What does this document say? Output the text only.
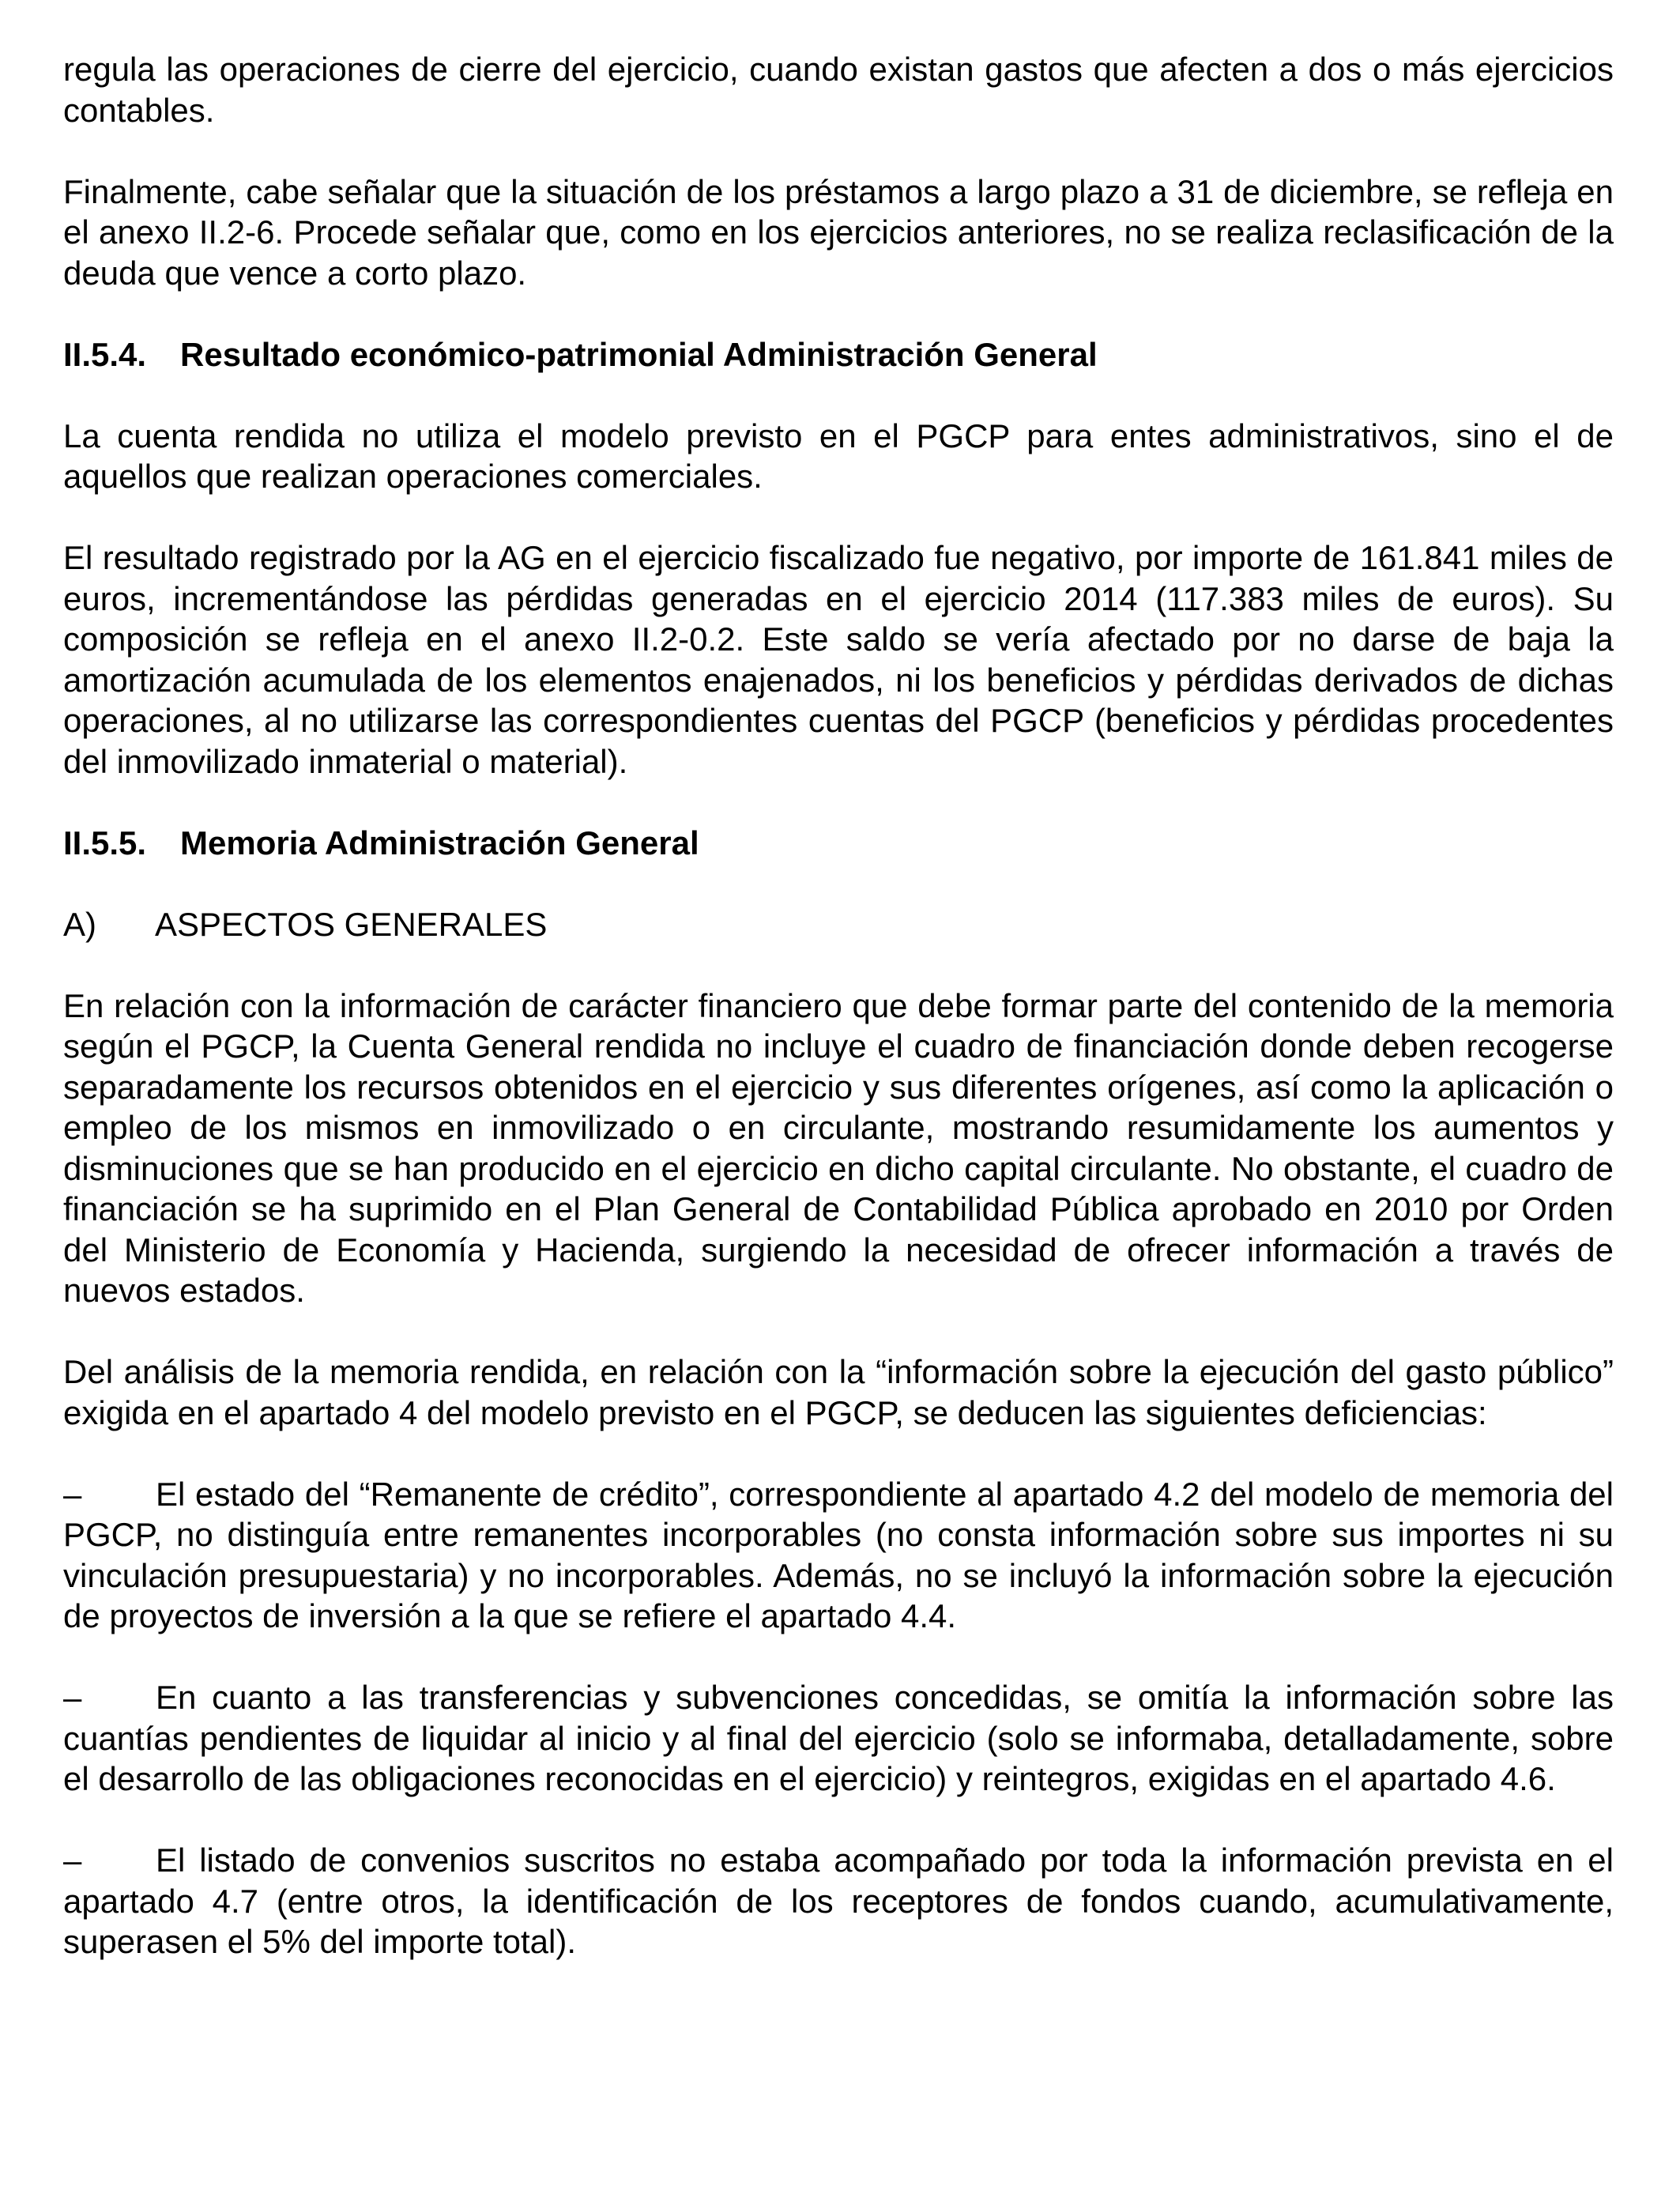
regula las operaciones de cierre del ejercicio, cuando existan gastos que afecten a dos o más ejercicios contables.

Finalmente, cabe señalar que la situación de los préstamos a largo plazo a 31 de diciembre, se refleja en el anexo II.2-6. Procede señalar que, como en los ejercicios anteriores, no se realiza reclasificación de la deuda que vence a corto plazo.

II.5.4. Resultado económico-patrimonial Administración General

La cuenta rendida no utiliza el modelo previsto en el PGCP para entes administrativos, sino el de aquellos que realizan operaciones comerciales.

El resultado registrado por la AG en el ejercicio fiscalizado fue negativo, por importe de 161.841 miles de euros, incrementándose las pérdidas generadas en el ejercicio 2014 (117.383 miles de euros). Su composición se refleja en el anexo II.2-0.2. Este saldo se vería afectado por no darse de baja la amortización acumulada de los elementos enajenados, ni los beneficios y pérdidas derivados de dichas operaciones, al no utilizarse las correspondientes cuentas del PGCP (beneficios y pérdidas procedentes del inmovilizado inmaterial o material).

II.5.5. Memoria Administración General

A) ASPECTOS GENERALES

En relación con la información de carácter financiero que debe formar parte del contenido de la memoria según el PGCP, la Cuenta General rendida no incluye el cuadro de financiación donde deben recogerse separadamente los recursos obtenidos en el ejercicio y sus diferentes orígenes, así como la aplicación o empleo de los mismos en inmovilizado o en circulante, mostrando resumidamente los aumentos y disminuciones que se han producido en el ejercicio en dicho capital circulante. No obstante, el cuadro de financiación se ha suprimido en el Plan General de Contabilidad Pública aprobado en 2010 por Orden del Ministerio de Economía y Hacienda, surgiendo la necesidad de ofrecer información a través de nuevos estados.

Del análisis de la memoria rendida, en relación con la “información sobre la ejecución del gasto público” exigida en el apartado 4 del modelo previsto en el PGCP, se deducen las siguientes deficiencias:

– El estado del “Remanente de crédito”, correspondiente al apartado 4.2 del modelo de memoria del PGCP, no distinguía entre remanentes incorporables (no consta información sobre sus importes ni su vinculación presupuestaria) y no incorporables. Además, no se incluyó la información sobre la ejecución de proyectos de inversión a la que se refiere el apartado 4.4.

– En cuanto a las transferencias y subvenciones concedidas, se omitía la información sobre las cuantías pendientes de liquidar al inicio y al final del ejercicio (solo se informaba, detalladamente, sobre el desarrollo de las obligaciones reconocidas en el ejercicio) y reintegros, exigidas en el apartado 4.6.

– El listado de convenios suscritos no estaba acompañado por toda la información prevista en el apartado 4.7 (entre otros, la identificación de los receptores de fondos cuando, acumulativamente, superasen el 5% del importe total).
